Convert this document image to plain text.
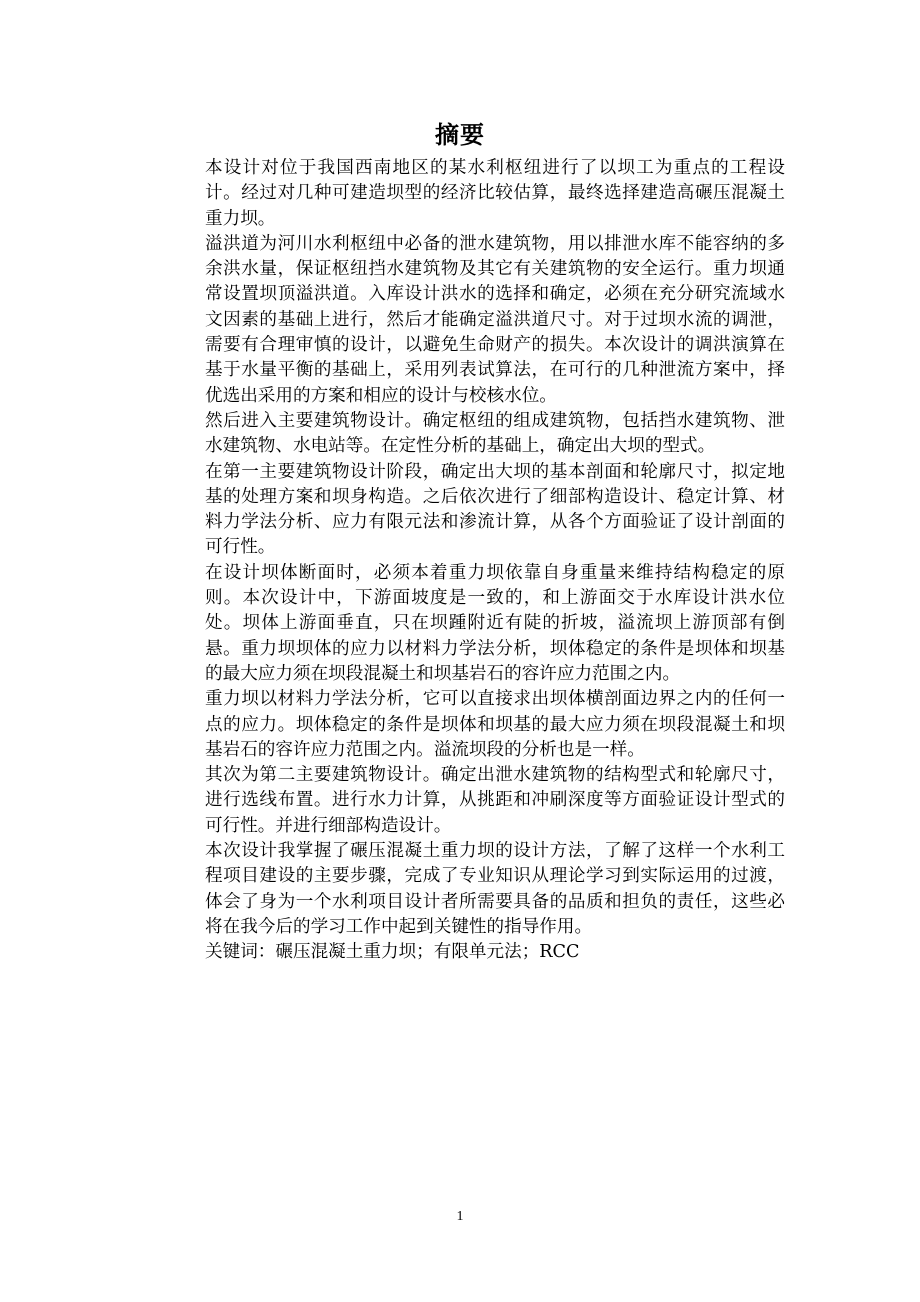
摘要

本设计对位于我国西南地区的某水利枢纽进行了以坝工为重点的工程设计。经过对几种可建造坝型的经济比较估算，最终选择建造高碾压混凝土重力坝。

溢洪道为河川水利枢纽中必备的泄水建筑物，用以排泄水库不能容纳的多余洪水量，保证枢纽挡水建筑物及其它有关建筑物的安全运行。重力坝通常设置坝顶溢洪道。入库设计洪水的选择和确定，必须在充分研究流域水文因素的基础上进行，然后才能确定溢洪道尺寸。对于过坝水流的调泄，需要有合理审慎的设计，以避免生命财产的损失。本次设计的调洪演算在基于水量平衡的基础上，采用列表试算法，在可行的几种泄流方案中，择优选出采用的方案和相应的设计与校核水位。

然后进入主要建筑物设计。确定枢纽的组成建筑物，包括挡水建筑物、泄水建筑物、水电站等。在定性分析的基础上，确定出大坝的型式。

在第一主要建筑物设计阶段，确定出大坝的基本剖面和轮廓尺寸，拟定地基的处理方案和坝身构造。之后依次进行了细部构造设计、稳定计算、材料力学法分析、应力有限元法和渗流计算，从各个方面验证了设计剖面的可行性。

在设计坝体断面时，必须本着重力坝依靠自身重量来维持结构稳定的原则。本次设计中，下游面坡度是一致的，和上游面交于水库设计洪水位处。坝体上游面垂直，只在坝踵附近有陡的折坡，溢流坝上游顶部有倒悬。重力坝坝体的应力以材料力学法分析，坝体稳定的条件是坝体和坝基的最大应力须在坝段混凝土和坝基岩石的容许应力范围之内。

重力坝以材料力学法分析，它可以直接求出坝体横剖面边界之内的任何一点的应力。坝体稳定的条件是坝体和坝基的最大应力须在坝段混凝土和坝基岩石的容许应力范围之内。溢流坝段的分析也是一样。

其次为第二主要建筑物设计。确定出泄水建筑物的结构型式和轮廓尺寸，进行选线布置。进行水力计算，从挑距和冲刷深度等方面验证设计型式的可行性。并进行细部构造设计。

本次设计我掌握了碾压混凝土重力坝的设计方法，了解了这样一个水利工程项目建设的主要步骤，完成了专业知识从理论学习到实际运用的过渡，体会了身为一个水利项目设计者所需要具备的品质和担负的责任，这些必将在我今后的学习工作中起到关键性的指导作用。

关键词：碾压混凝土重力坝；有限单元法；RCC

1
